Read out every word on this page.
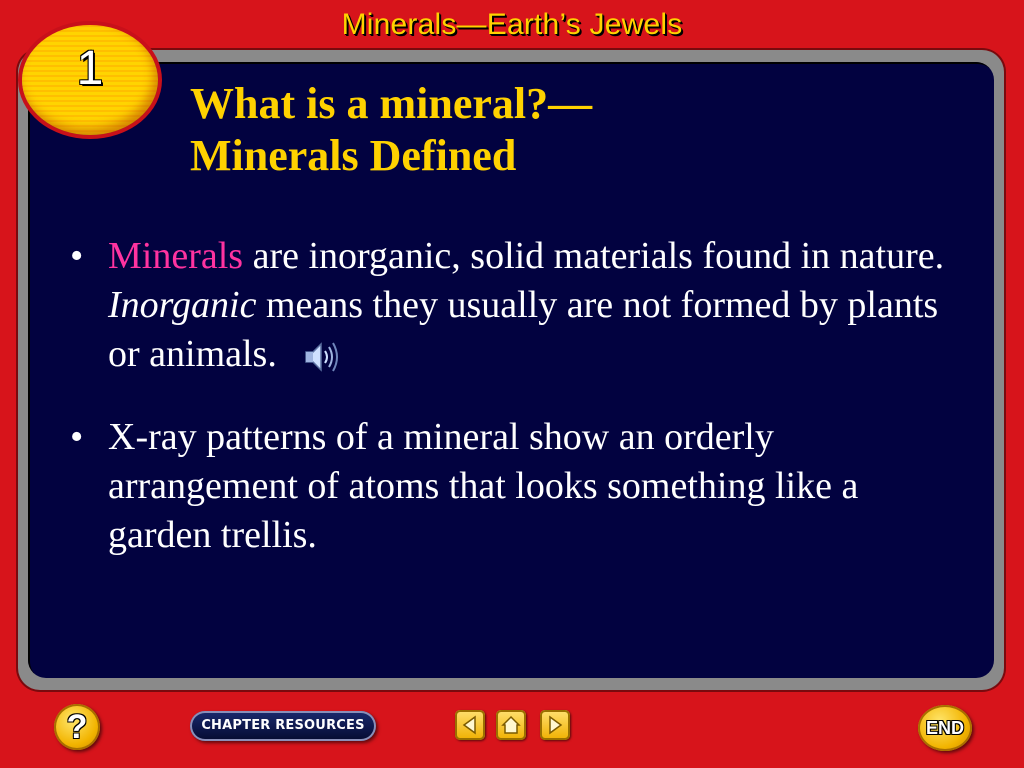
Minerals—Earth’s Jewels
1
What is a mineral?—
Minerals Defined
• Minerals are inorganic, solid materials found in nature. Inorganic means they usually are not formed by plants or animals.
• X-ray patterns of a mineral show an orderly arrangement of atoms that looks something like a garden trellis.
?	CHAPTER RESOURCES	END
